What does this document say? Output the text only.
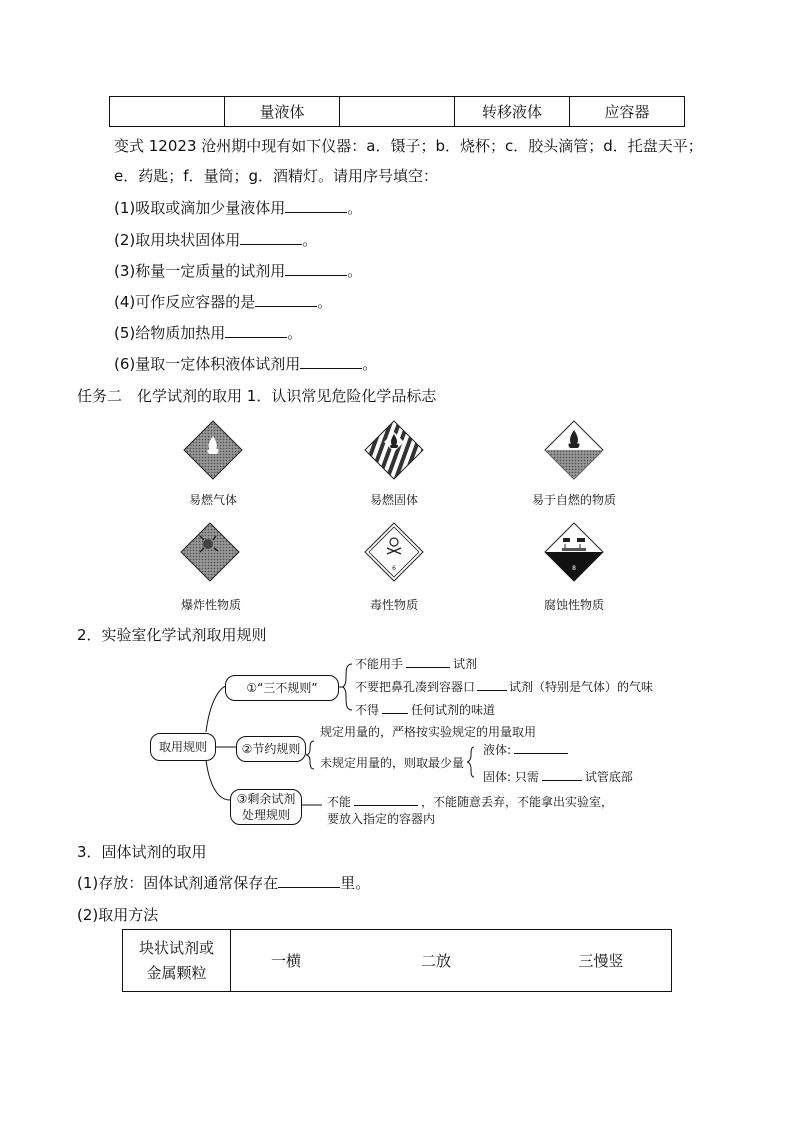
	量液体		转移液体	应容器
变式 12023 沧州期中现有如下仪器：a．镊子；b．烧杯；c．胶头滴管；d．托盘天平；
e．药匙；f．量筒；g．酒精灯。请用序号填空：
(1)吸取或滴加少量液体用	。
(2)取用块状固体用	。
(3)称量一定质量的试剂用	。
(4)可作反应容器的是	。
(5)给物质加热用	。
(6)量取一定体积液体试剂用	。
任务二　化学试剂的取用 1．认识常见危险化学品标志
易燃气体	易燃固体	易于自燃的物质
爆炸性物质
6
毒性物质
8
腐蚀性物质
2．实验室化学试剂取用规则
取用规则
①“三不规则”
②节约规则
③剩余试剂
处理规则
不能用手	试剂
不要把鼻孔凑到容器口	试剂（特别是气体）的气味
不得	任何试剂的味道
规定用量的，严格按实验规定的用量取用
未规定用量的，则取最少量
液体:
固体: 只需	试管底部
不能	，不能随意丢弃，不能拿出实验室，
要放入指定的容器内
3．固体试剂的取用
(1)存放：固体试剂通常保存在	里。
(2)取用方法
块状试剂或
金属颗粒
	一横	二放	三慢竖
